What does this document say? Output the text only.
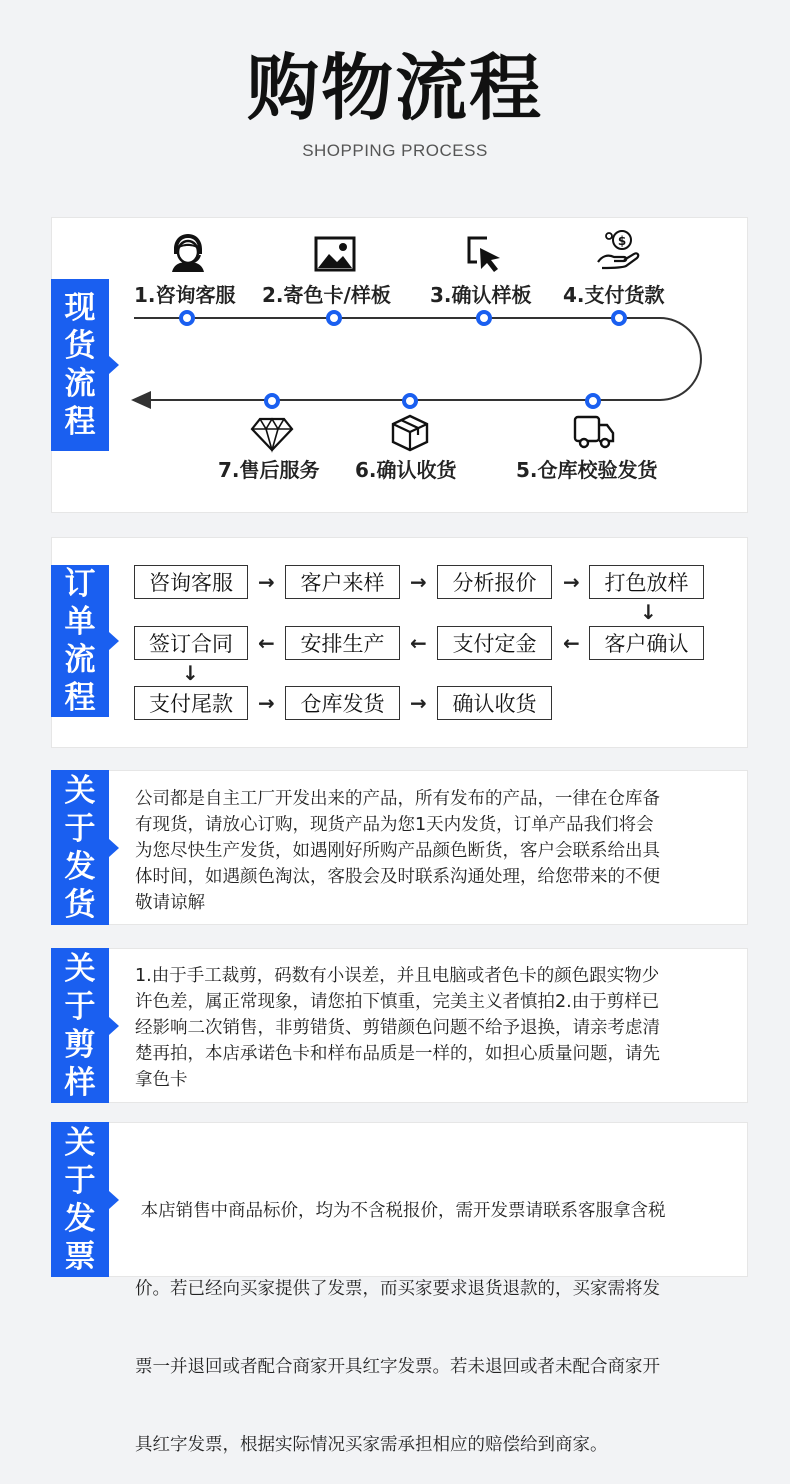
购物流程
SHOPPING PROCESS
现
货
流
程
$
1.咨询客服 2.寄色卡/样板 3.确认样板 4.支付货款
5.仓库校验发货
6.确认收货
7.售后服务
订
单
流
程
咨询客服	→	客户来样	→	分析报价	→	打色放样
↓
签订合同	←	安排生产	←	支付定金	←	客户确认
↓
支付尾款	→	仓库发货	→	确认收货
关
于
发
货
公司都是自主工厂开发出来的产品，所有发布的产品，一律在仓库备
有现货，请放心订购，现货产品为您1天内发货，订单产品我们将会
为您尽快生产发货，如遇刚好所购产品颜色断货，客户会联系给出具
体时间，如遇颜色淘汰，客股会及时联系沟通处理，给您带来的不便
敬请谅解
关
于
剪
样
1.由于手工裁剪，码数有小误差，并且电脑或者色卡的颜色跟实物少
许色差，属正常现象，请您拍下慎重，完美主义者慎拍2.由于剪样已
经影响二次销售，非剪错货、剪错颜色问题不给予退换，请亲考虑清
楚再拍，本店承诺色卡和样布品质是一样的，如担心质量问题，请先
拿色卡
关
于
发
票

本店销售中商品标价，均为不含税报价，需开发票请联系客服拿含税

价。若已经向买家提供了发票，而买家要求退货退款的，买家需将发

票一并退回或者配合商家开具红字发票。若未退回或者未配合商家开

具红字发票，根据实际情况买家需承担相应的赔偿给到商家。
